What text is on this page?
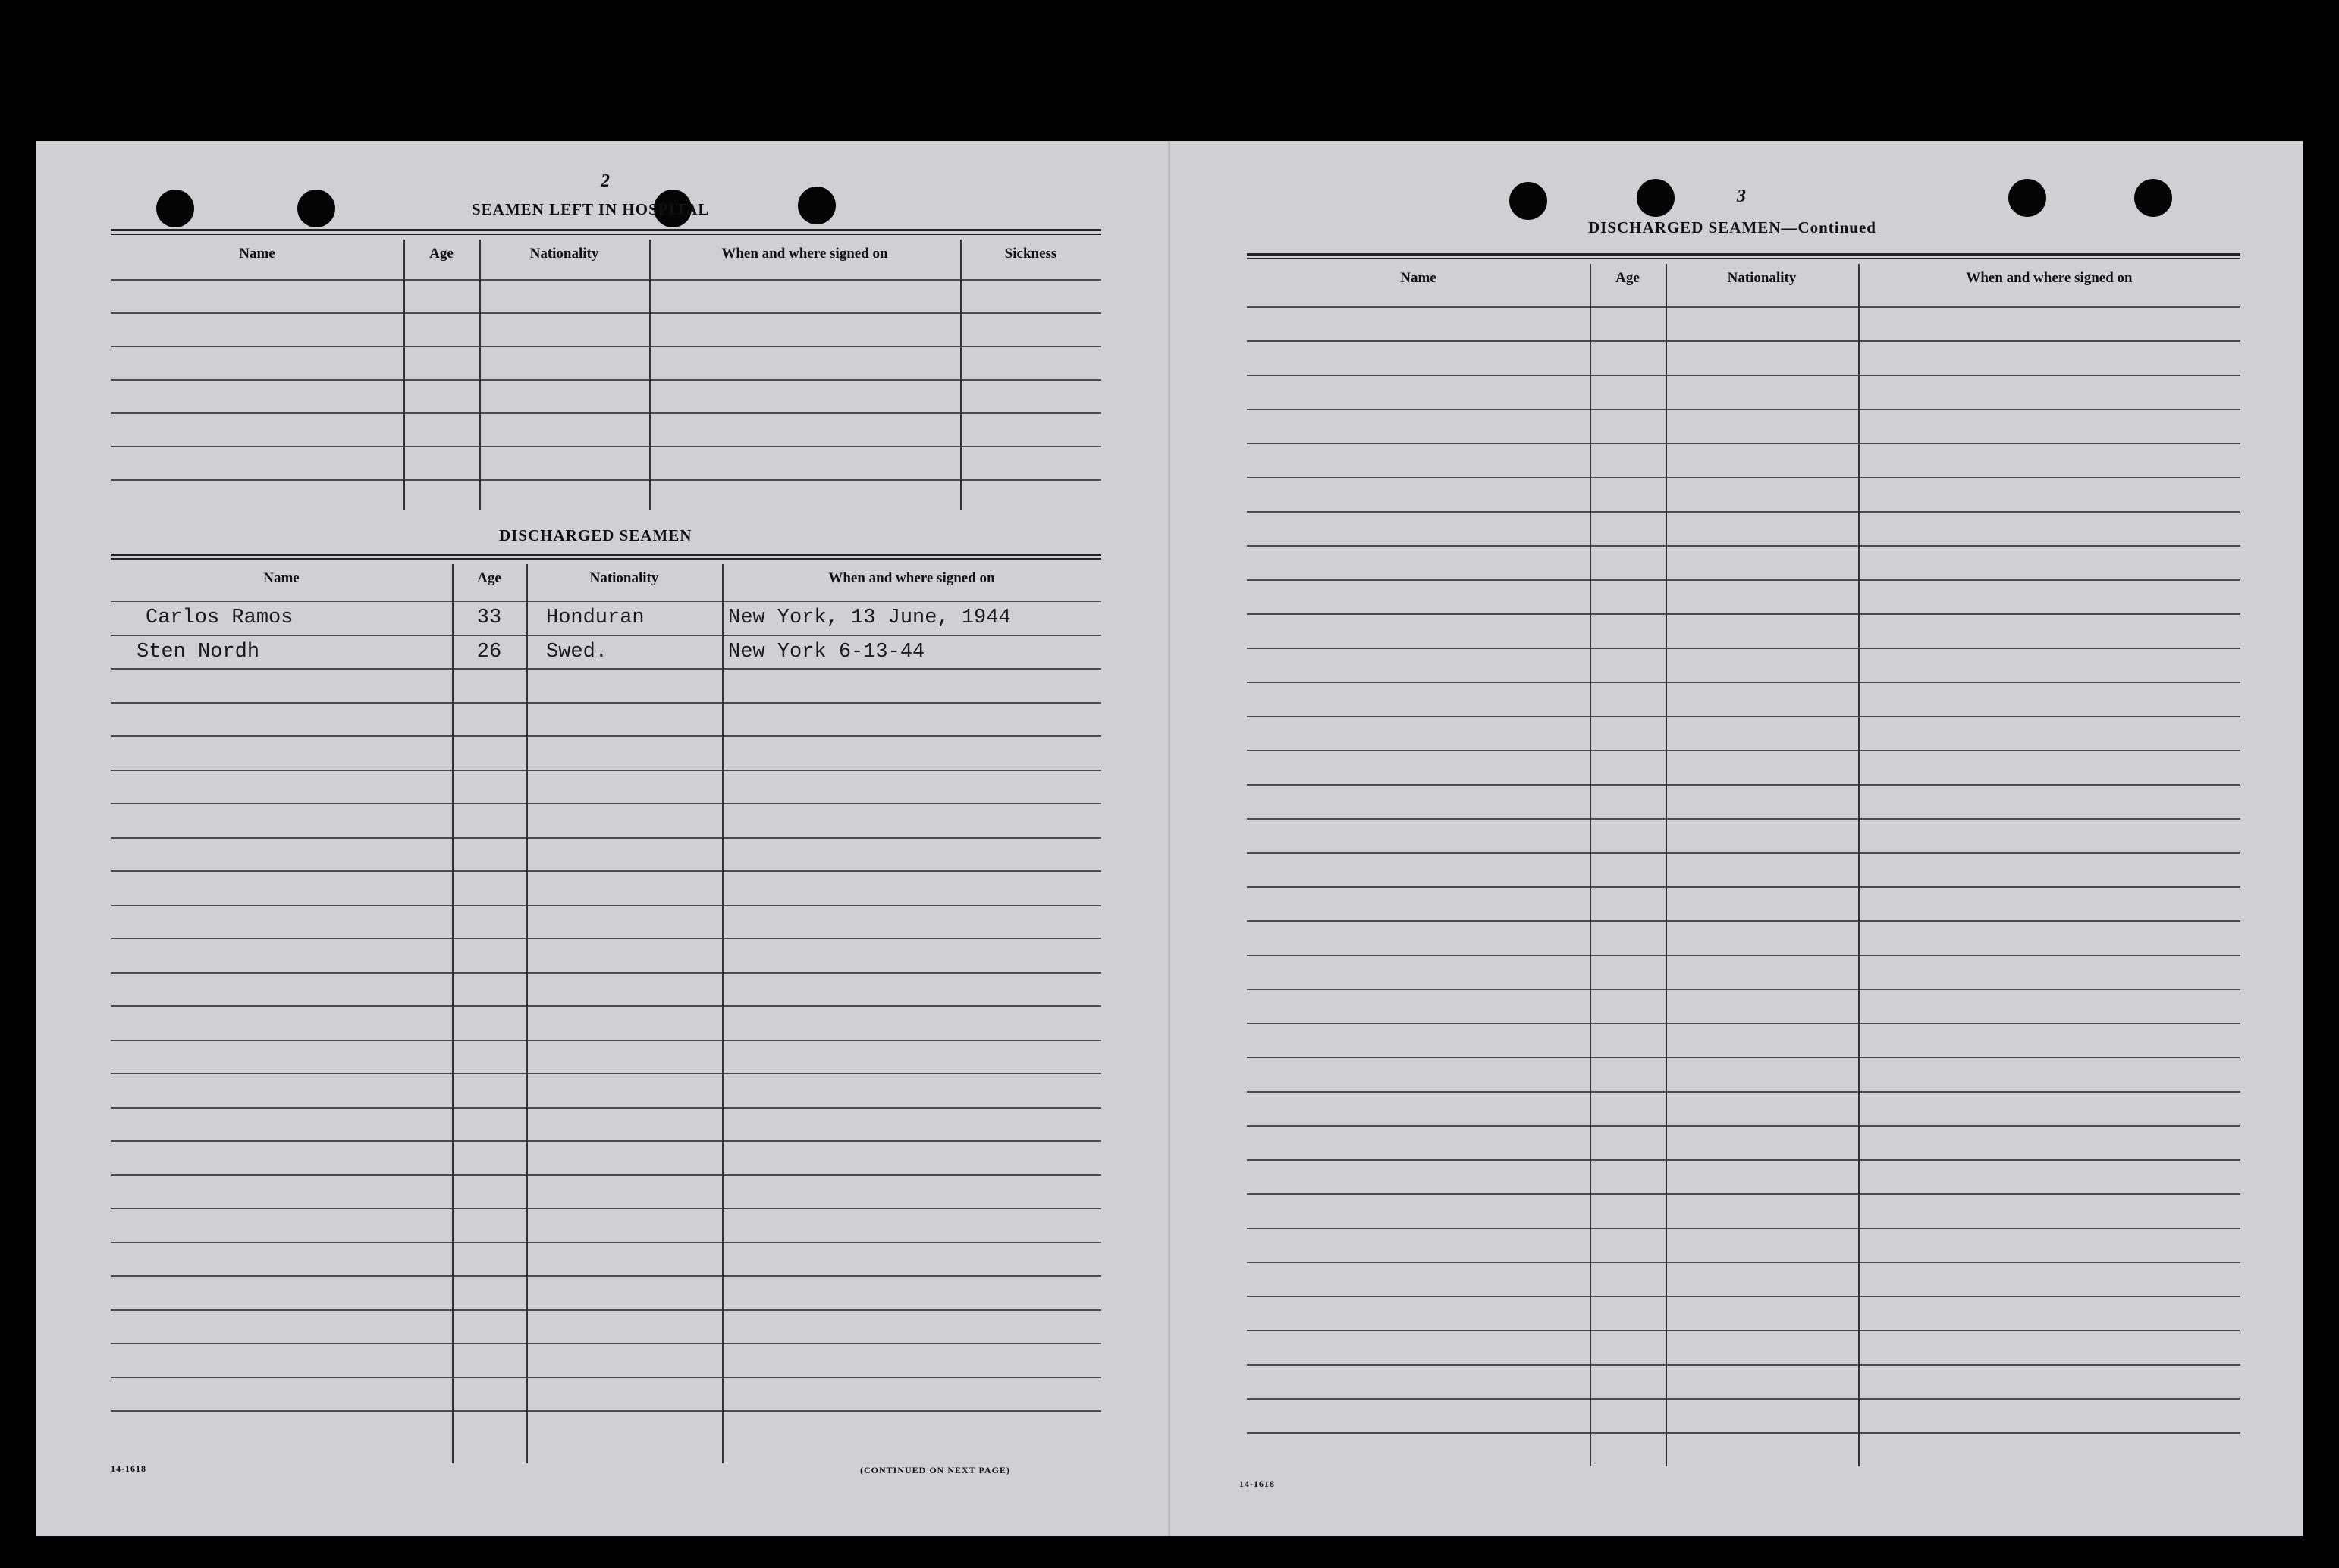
2
SEAMEN LEFT IN HOSPITAL
Name	Age	Nationality	When and where signed on	Sickness
DISCHARGED SEAMEN
Name	Age	Nationality	When and where signed on
Carlos Ramos	33	Honduran	New York, 13 June, 1944
Sten Nordh	26	Swed.	New York 6-13-44
14-1618	(CONTINUED ON NEXT PAGE)
3
DISCHARGED SEAMEN—Continued
Name	Age	Nationality	When and where signed on
14-1618
